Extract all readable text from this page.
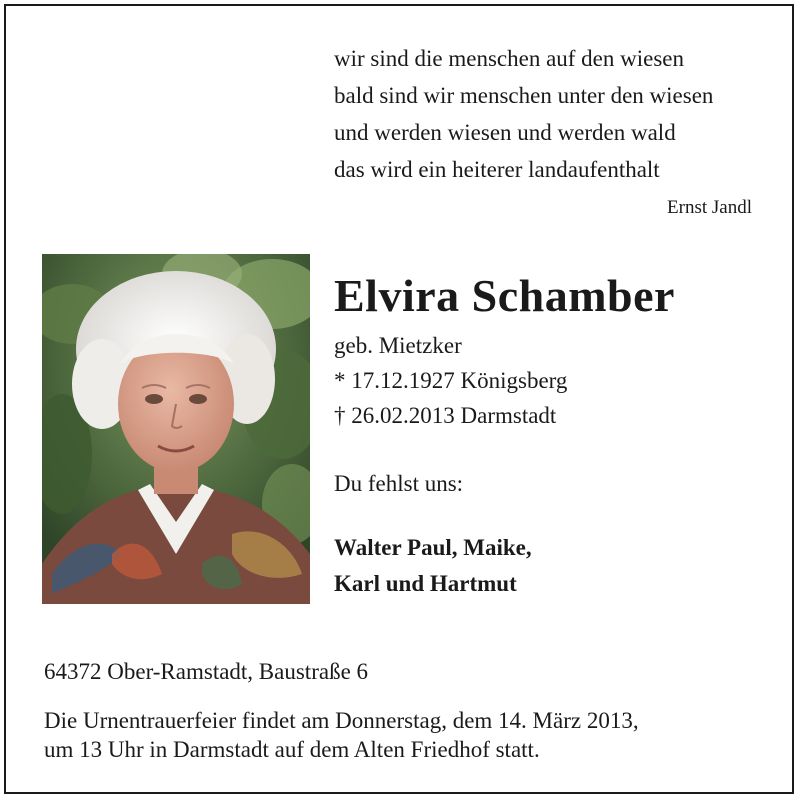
wir sind die menschen auf den wiesen
bald sind wir menschen unter den wiesen
und werden wiesen und werden wald
das wird ein heiterer landaufenthalt
Ernst Jandl
Elvira Schamber
geb. Mietzker
* 17.12.1927 Königsberg
† 26.02.2013 Darmstadt
Du fehlst uns:
Walter Paul, Maike,
Karl und Hartmut
64372 Ober-Ramstadt, Baustraße 6
Die Urnentrauerfeier findet am Donnerstag, dem 14. März 2013,
um 13 Uhr in Darmstadt auf dem Alten Friedhof statt.
